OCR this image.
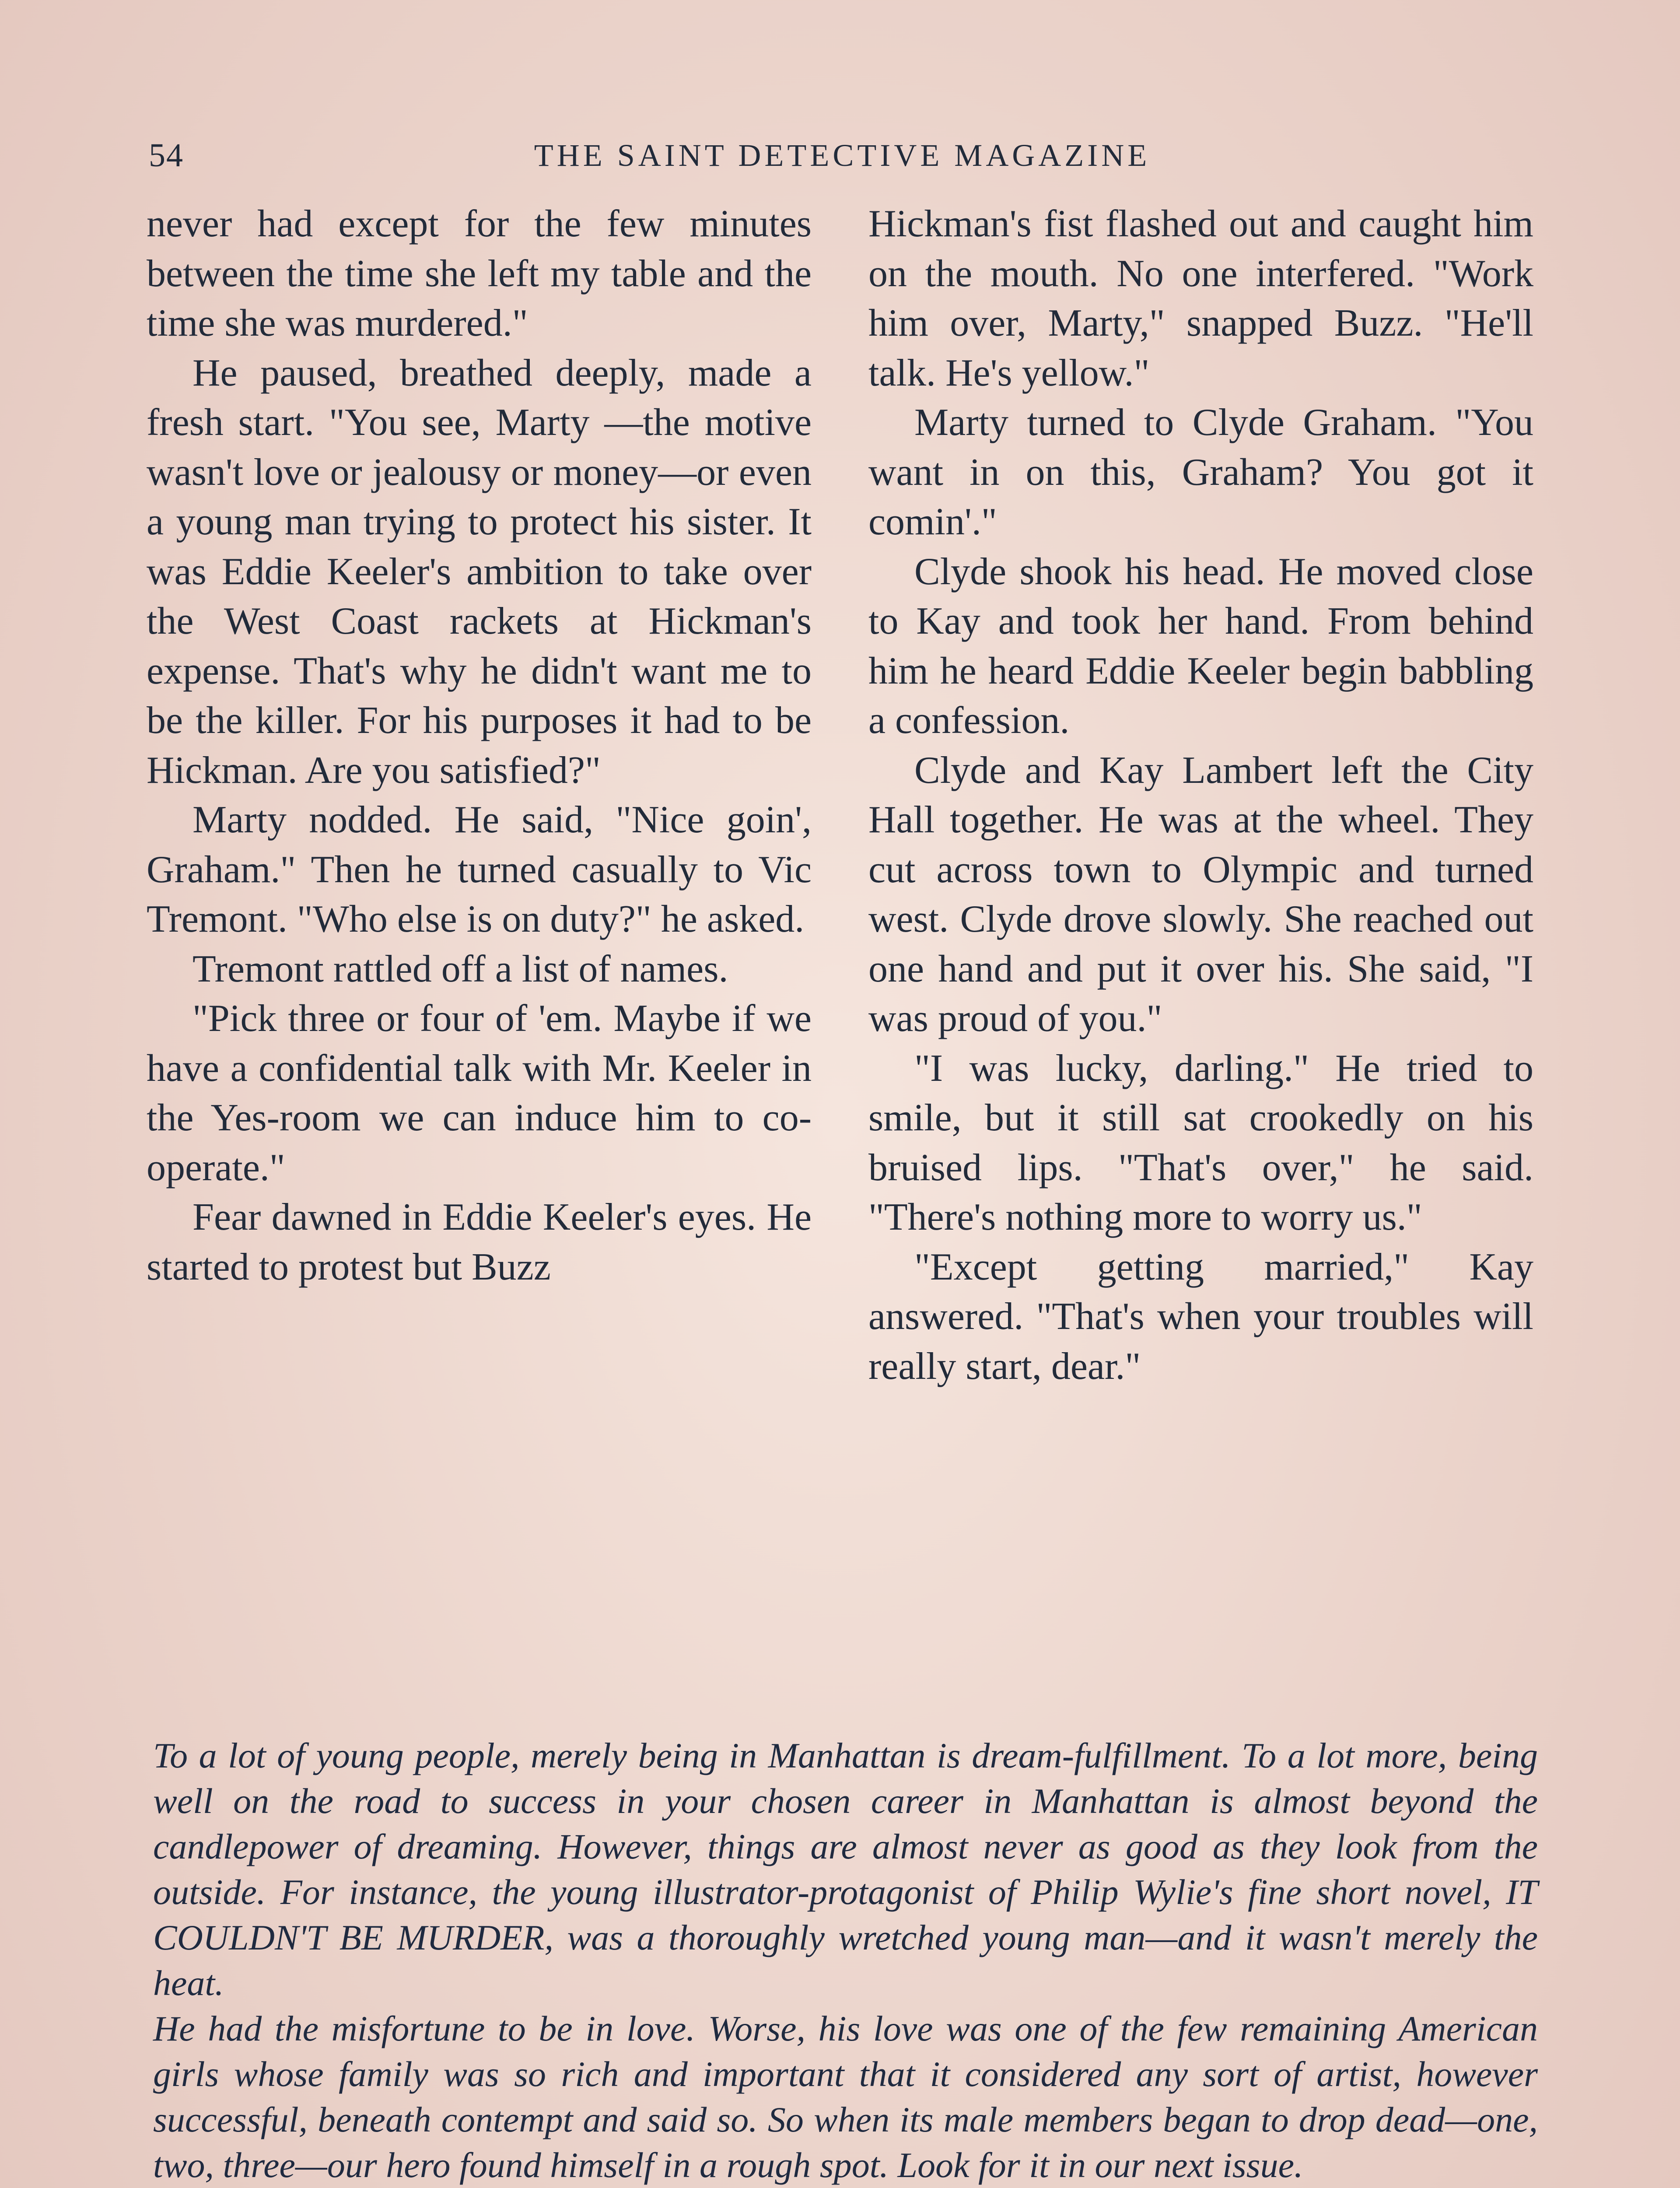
54	THE SAINT DETECTIVE MAGAZINE

never had except for the few minutes between the time she left my table and the time she was murdered."

He paused, breathed deeply, made a fresh start. "You see, Marty —the motive wasn't love or jealousy or money—or even a young man trying to protect his sister. It was Eddie Keeler's ambition to take over the West Coast rackets at Hickman's expense. That's why he didn't want me to be the killer. For his purposes it had to be Hickman. Are you satisfied?"

Marty nodded. He said, "Nice goin', Graham." Then he turned casually to Vic Tremont. "Who else is on duty?" he asked.

Tremont rattled off a list of names.

"Pick three or four of 'em. Maybe if we have a confidential talk with Mr. Keeler in the Yes-room we can induce him to co-operate."

Fear dawned in Eddie Keeler's eyes. He started to protest but Buzz

Hickman's fist flashed out and caught him on the mouth. No one interfered. "Work him over, Marty," snapped Buzz. "He'll talk. He's yellow."

Marty turned to Clyde Graham. "You want in on this, Graham? You got it comin'."

Clyde shook his head. He moved close to Kay and took her hand. From behind him he heard Eddie Keeler begin babbling a confession.

Clyde and Kay Lambert left the City Hall together. He was at the wheel. They cut across town to Olympic and turned west. Clyde drove slowly. She reached out one hand and put it over his. She said, "I was proud of you."

"I was lucky, darling." He tried to smile, but it still sat crookedly on his bruised lips. "That's over," he said. "There's nothing more to worry us."

"Except getting married," Kay answered. "That's when your troubles will really start, dear."

To a lot of young people, merely being in Manhattan is dream-fulfillment. To a lot more, being well on the road to success in your chosen career in Manhattan is almost beyond the candlepower of dreaming. However, things are almost never as good as they look from the outside. For instance, the young illustrator-protagonist of Philip Wylie's fine short novel, IT COULDN'T BE MURDER, was a thoroughly wretched young man—and it wasn't merely the heat.

He had the misfortune to be in love. Worse, his love was one of the few remaining American girls whose family was so rich and important that it considered any sort of artist, however successful, beneath contempt and said so. So when its male members began to drop dead—one, two, three—our hero found himself in a rough spot. Look for it in our next issue.
